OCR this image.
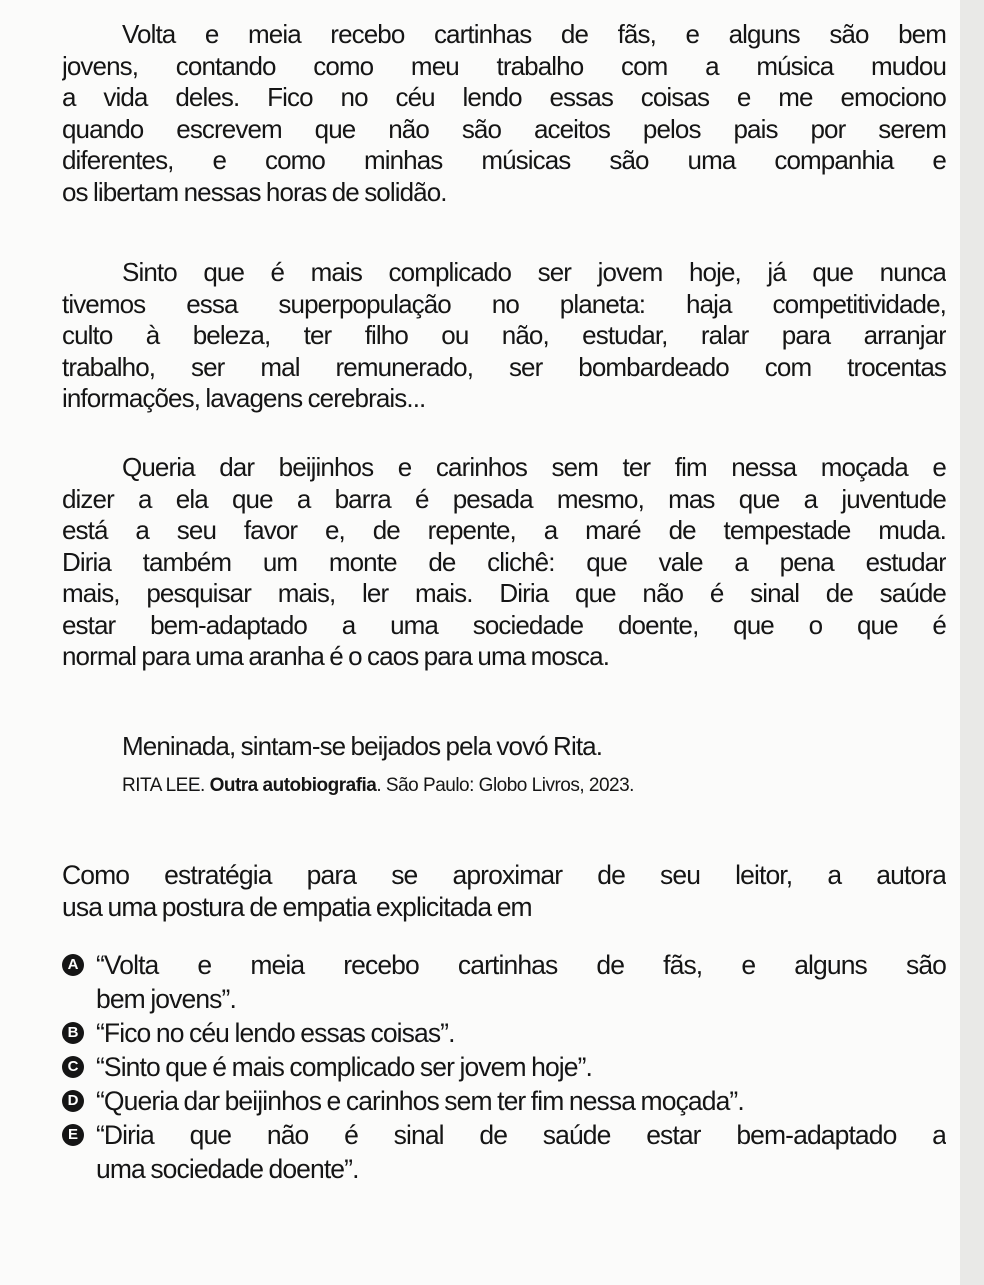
Volta e meia recebo cartinhas de fãs, e alguns são bem
jovens, contando como meu trabalho com a música mudou
a vida deles. Fico no céu lendo essas coisas e me emociono
quando escrevem que não são aceitos pelos pais por serem
diferentes, e como minhas músicas são uma companhia e
os libertam nessas horas de solidão.
Sinto que é mais complicado ser jovem hoje, já que nunca
tivemos essa superpopulação no planeta: haja competitividade,
culto à beleza, ter filho ou não, estudar, ralar para arranjar
trabalho, ser mal remunerado, ser bombardeado com trocentas
informações, lavagens cerebrais...
Queria dar beijinhos e carinhos sem ter fim nessa moçada e
dizer a ela que a barra é pesada mesmo, mas que a juventude
está a seu favor e, de repente, a maré de tempestade muda.
Diria também um monte de clichê: que vale a pena estudar
mais, pesquisar mais, ler mais. Diria que não é sinal de saúde
estar bem-adaptado a uma sociedade doente, que o que é
normal para uma aranha é o caos para uma mosca.
Meninada, sintam-se beijados pela vovó Rita.
RITA LEE. Outra autobiografia. São Paulo: Globo Livros, 2023.
Como estratégia para se aproximar de seu leitor, a autora
usa uma postura de empatia explicitada em
A “Volta e meia recebo cartinhas de fãs, e alguns são
bem jovens”.
B “Fico no céu lendo essas coisas”.
C “Sinto que é mais complicado ser jovem hoje”.
D “Queria dar beijinhos e carinhos sem ter fim nessa moçada”.
E “Diria que não é sinal de saúde estar bem-adaptado a
uma sociedade doente”.
